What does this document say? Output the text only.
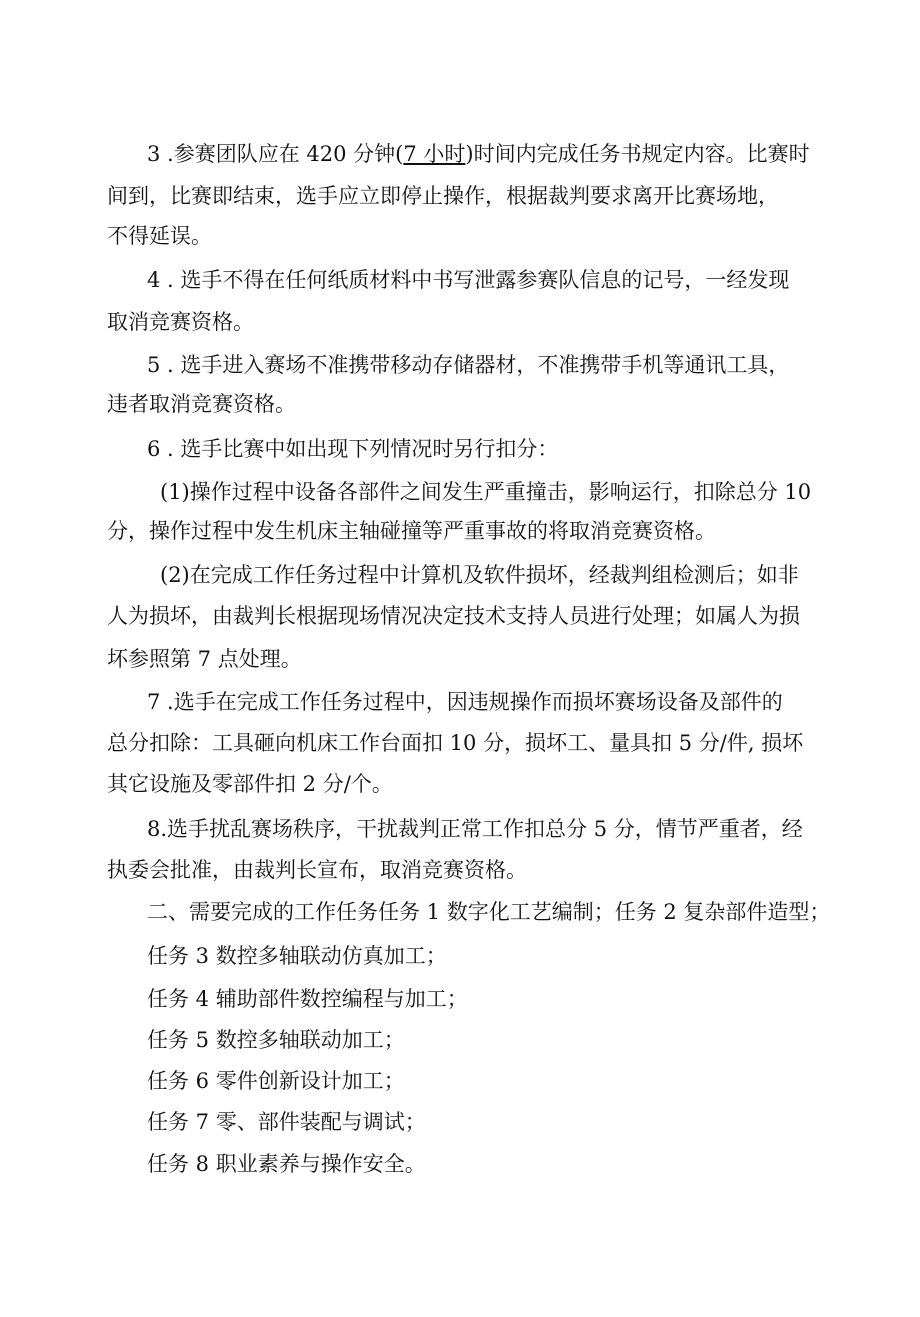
3 .参赛团队应在 420 分钟(7 小时)时间内完成任务书规定内容。比赛时

间到，比赛即结束，选手应立即停止操作，根据裁判要求离开比赛场地，

不得延误。

4 . 选手不得在任何纸质材料中书写泄露参赛队信息的记号，一经发现

取消竞赛资格。

5 . 选手进入赛场不准携带移动存储器材，不准携带手机等通讯工具，

违者取消竞赛资格。

6 . 选手比赛中如出现下列情况时另行扣分：

(1)操作过程中设备各部件之间发生严重撞击，影响运行，扣除总分 10

分，操作过程中发生机床主轴碰撞等严重事故的将取消竞赛资格。

(2)在完成工作任务过程中计算机及软件损坏，经裁判组检测后；如非

人为损坏，由裁判长根据现场情况决定技术支持人员进行处理；如属人为损

坏参照第 7 点处理。

7 .选手在完成工作任务过程中，因违规操作而损坏赛场设备及部件的

总分扣除：工具砸向机床工作台面扣 10 分，损坏工、量具扣 5 分/件, 损坏

其它设施及零部件扣 2 分/个。

8.选手扰乱赛场秩序，干扰裁判正常工作扣总分 5 分，情节严重者，经

执委会批准，由裁判长宣布，取消竞赛资格。

二、需要完成的工作任务任务 1 数字化工艺编制；任务 2 复杂部件造型；

任务 3 数控多轴联动仿真加工；

任务 4 辅助部件数控编程与加工；

任务 5 数控多轴联动加工；

任务 6 零件创新设计加工；

任务 7 零、部件装配与调试；

任务 8 职业素养与操作安全。
